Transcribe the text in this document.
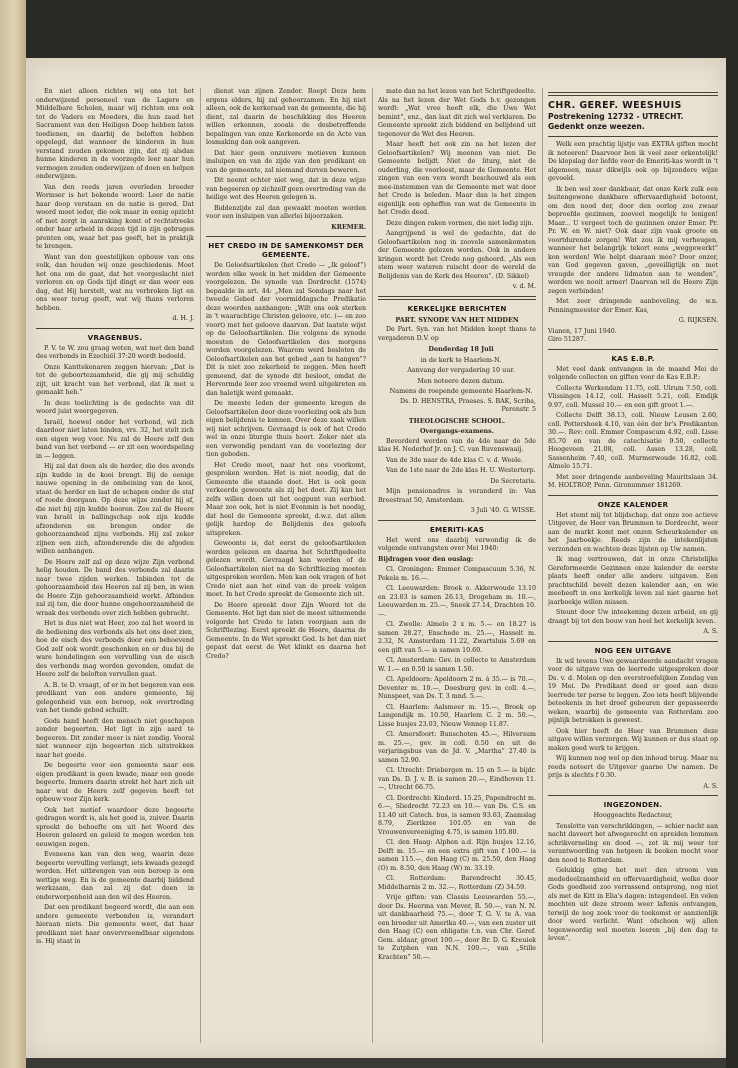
En niet alleen richten wij ons tot het onderwijzend personeel van de Lagere en Middelbare Scholen, maar wij richten ons ook tot de Vaders en Moeders, die hun zaad het Sacrament van den Heiligen Doop hebben laten toedienen, en daarbij de beloften hebben opgelegd, dat wanneer de kinderen in hun verstand zouden gekomen zijn, dat zij alsdan hunne kinderen in de voorzegde leer naar hun vermogen zouden onderwijzen of doen en helpen onderwijzen.

Van den reeds jaren overleden broeder Wormser is het bekende woord: Leer de natie haar doop verstaan en de natie is gered. Dat woord moet ieder, die ook maar in eenig opzicht of met zorgt in aanraking komt of rechtstreeks onder haar arbeid in dezen tijd in zijn gebrugen prenten om, waar het pas geeft, het in praktijk te brengen.

Want van den geestelijken opbouw van ons volk, dan houden wij onze geschiedenis. Moet het ons om de gaat, dat het voorgeslacht niet verloren en op Gods tijd dingt er dan weer een dag, dat Hij herstelt, wat nu verbroken ligt en ons weer terug geeft, wat wij thans verloren hebben.

d. H. J.

VRAGENBUS.

P. V. te W. zou graag weten, wat met den band des verbonds in Ezechiël 37:20 wordt bedoeld.

Onze Kanttekenaren zeggen hiervan: „Dat is tot de geboortezaamheid, die gij mij schuldig zijt, uit kracht van het verbond, dat ik met u gemaakt heb.”

In deze toelichting is de gedachte van dit woord juist weergegeven.

Israël, hoewel onder het verbond, wil zich daardoor niet laten binden, vrs. 32, het stelt zich een eigen weg voor. Nu zal de Heere zelf den band van het verbond — er zit een woordspeling in — leggen.

Hij zal dat doen als de herder, die des avonds zijn kudde in de kooi brengt. Bij de eenige nauwe opening in de omheining van de kooi, staat de herder en laat de schapen onder de staf of roede doorgaan. Op deze wijze zonder hij af, die niet bij zijn kudde hooren. Zoo zal de Heere van Israël in ballingschap ook zijn kudde afzonderen en brengen onder de gehoorzaamheid zijns verbonds. Hij zal zeker zijnen een zich, afzonderende die de afgoden willen aanhangen.

De Heere zelf zal op deze wijze Zijn verbond helig houden. De band des verbonds zal daarin naar twee zijden werken. Inbinden tot de gehoorzaamheid des Heeren zal zij ben, in wien de Heere Zijn gehoorzaamheid werkt. Afbinden zal zij ten, die door hunne ongehoorzaamheid de wraak des verbonds over zich hebben gebracht.

Het is dus niet wat Heer, zoo zal het woord in de bediening des verbonds als het ons doet zien, hoe de eisch des verbonds door een behoevend God zelf ook wordt geschonken en er dus bij de ware hondelingen een vervulling van de eisch des verbonds mag worden gevonden, omdat de Heere zelf de beloften vervullen gaat.

A. B. te D. vraagt, of er in het begeren van een predikant van een andere gemeente, bij gelegenheid van een beroep, ook overtreding van het tiende gebod schuilt.

Gods hand heeft den mensch niet geschapen zonder begeerten. Het ligt in zijn aard te begeeren. Dit zonder meer is niet zondig. Vooral niet wanneer zijn begeerten zich uitstrekken naar het goede.

De begeerte voor een gemeente naar een eigen predikant is geen kwade, maar een goede begeerte. Immers daarin strekt het hart zich uit naar wat de Heere zelf gegeven heeft tot opbouw voor Zijn kerk.

Ook het motief waardoor deze begeerte gedragen wordt is, als het goed is, zuiver. Daarin spreekt de behoefte om uit het Woord des Heeren geleerd en geleid te mogen worden ten eeuwigen zegen.

Eveneens kan van den weg, waarin deze begeerte vervulling verlangt, iets kwaads gezegd worden. Het uitbrengen van een beroep is een wettige weg. En is de gemeente daarbij biddend werkzaam, dan zal zij dat doen in onderworpenheid aan den wil des Heeren.

Dat een predikant begeerd wordt, die aan een andere gemeente verbonden is, verandert hieraan niets. Die gemeente weet, dat haar predikant niet haar onvervreemdbaar eigendom is. Hij staat in

dienst van zijnen Zender. Roept Deze hem ergens elders, hij zal gehoorzamen. En hij niet alleen, ook de kerkeraad van de gemeente, die hij dient, zal daarin de beschikking des Heeren willen erkennen, zooals de desbetreffende bepalingen van onze Kerkenorde en de Acte van losmaking dan ook aangeven.

Dat hier geen onzuivere motieven kunnen insluipen en van de zijde van den predikant en van de gemeente, zal niemand durven beweren.

Dit neemt echter niet weg, dat in deze wijze van begeeren op zichzelf geen overtreding van de heilige wet des Heeren gelegen is.

Biddenzijde zal dan gewaakt moeten worden voor een insluipen van allerlei bijoorzaken.

KREMER.

HET CREDO IN DE SAMENKOMST DER GEMEENTE.

De Geloofsartikelen (het Credo — „Ik geloof”) worden elke week in het midden der Gemeente voorgelezen. De synode van Dordrecht (1574) bepaalde in art. 44: „Men zal Sondags naar het tweede Gebed der voormiddagsche Predikatie deze woorden aanhangen: „Wilt ons ook sterken in 't waarachtige Christen geloove, etc. (— en zoo voort) met het geloove daarvan. Dat laatste wijst op de Geloofsartikelen. Die volgens de synode moesten de Geloofsartikelen des morgens worden voorgelezen. Waarom werd besloten de Geloofsartikelen aan het gebed „aan te hangen”? Dit is niet zoo zekerheid te zeggen. Men heeft gemeend, dat de synode dit besloot, omdat de Hervormde leer zoo vreemd werd uitgekreten en dan haletijk werd gemaakt.

De meeste leden der gemeente kregen de Geloofsartikelen door deze voorlezing ook als hun eigen belijdenis te kennen. Over deze zaak willen wij niet schrijven. Gevraagd is ook of het Credo wel in onze liturgie thuis hoort. Zeker niet als een verwondig pendant van de voorlezing der tien geboden.

Het Credo moet, naar het ons voorkomt, gesproken worden. Het is niet noodig, dat de Gemeente die staande doet. Het is ook geen verkeerde gewoonte als zij het doet. Zij kan het zelfs willen doen uit het oogpunt van eerbied. Maar zoo ook, het is niet Evenmin is het noodig, dat heel de Gemeente spreekt, d.w.z. dat allen gelijk hardop de Belijdenis des geloofs uitspreken.

Gewoonte is, dat eerst de geloofsartikelen worden gelezen en daarna het Schriftgedeelte gelezen wordt. Gevraagd kan worden of de Geloofsartikelen niet na de Schriftlezing moeten uitgesproken worden. Men kan ook vragen of het Credo niet aan het eind van de preek volgen moet. In het Credo spreekt de Gemeente zich uit.

De Heere spreekt door Zijn Woord tot de Gemeente. Het ligt dan niet de meest uitnemende volgorde het Credo te laten voorgaan aan de Schriftlezing. Eerst spreekt de Heere, daarna de Gemeente. In de Wet spreekt God. Is het dan niet gepast dat eerst de Wet klinkt en daarna het Credo?

mate dan na het lezen van het Schriftgedeelte. Als na het lezen der Wet Gods b.v. gezongen wordt: „Wat vree heeft elk, die Uwe Wet bemint”, enz., dan laat dit zich wel verklaren. De Gemeente spreekt zich biddend en belijdend uit tegenover de Wet des Heeren.

Maar heeft het ook zin na het lezen der Geloofsartikelen? Wij meenen van niet. De Gemeente belijdt. Niet de liturg, niet de ouderling, die voorleest, maar de Gemeente. Het zingen van een vers wordt beschouwd als een mee-instemmen van de Gemeente met wat door het Credo is beleden. Maar dan is het zingen eigenlijk een opheffen van wat de Gemeente in het Credo deed.

Deze dingen raken vormen, die niet ledig zijn.

Aangrijpend is wel de gedachte, dat de Geloofsartikelen nog in zoovele samenkomsten der Gemeente gelezen worden. Ook in andere kringen wordt het Credo nog gehoord. „Als een stem weer wateren ruischt door de wereld de Belijdenis van de Kerk des Heeren”. (D. Sikkel)

v. d. M.

KERKELIJKE BERICHTEN
PART. SYNODE VAN HET MIDDEN

De Part. Syn. van het Midden koopt thans te vergaderen D.V. op

Donderdag 18 Juli

in de kerk te Haarlem-N.

Aanvang der vergadering 10 uur.

Men noteere dezen datum.

Namens de roepende gemeente Haarlem-N.

Ds. D. HENSTRA, Praeses. S. BAK, Scriba, Perenstr. 5

THEOLOGISCHE SCHOOL.
Overgangs-examens.

Bevorderd werden van de 4de naar de 5de klas H. Nederhof Jr. en J. C. van Ruvenswaaij.

Van de 3de naar de 4de klas C. v. d. Weele.

Van de 1ste naar de 2de klas H. U. Westerterp.

De Secretaris.

Mijn pensionadres is veranderd in: Van Breestraat 50, Amsterdam.

3 Juli '40. G. WISSE.

EMERITI-KAS

Het werd ons daarbij verwondig ik de volgende ontvangsten over Mei 1940:

Bijdragen voor den ouslag:

Cl. Groningen: Emmer Compascuum 5.36, N. Pekela m. 16.—.

Cl. Leeuwarden: Broek o. Akkerwoude 13.10 en 23.03 is samen 26.13, Drogeham m. 10.—, Leeuwarden m. 25.—, Sneek 27.14, Drachten 10.—.

Cl. Zwolle: Almelo 2 x m. 5.— en 18.27 is samen 28.27, Enschede m. 25.—, Hasselt m. 2.32, N. Amsterdam 11.22, Zwartsluis 5.69 en een gift van 5.— is samen 10.69.

Cl. Amsterdam: Gev. in collecte te Amsterdam W. 1.— en 0.50 is samen 1.50.

Cl. Apeldoorn: Apeldoorn 2 m. à 35.— is 70.—, Deventer m. 10.—, Doesburg gev. in coll. 4.—, Nunspeet, van Ds. T. 3 mnd. 5.—.

Cl. Haarlem: Aalsmeer m. 15.—, Broek op Langendijk m. 10.50, Haarlem C. 2 m. 50.—, Lisse busjes 23.03, Nieuw Vennep 11.87.

Cl. Amersfoort: Bunschoten 45.—, Hilversum m. 25.—, gev. in coll. 0.50 en uit de verjaringsbus van de Jd. V. „Martha” 27.40 is samen 52.90.

Cl. Utrecht: Driebergen m. 15 en 5.— is bijdr. van Ds. D. J. v. B. is samen 20.—, Eindhoven 11.—, Utrecht 66.75.

Cl. Dordrecht: Kinderd. 15.25, Papendrecht m. 6.—, Sliedrecht 72.23 en 10.— van Ds. C.S. en 11.40 uit Catech. bus, is samen 93.63, Zaamslag 8.79, Zierikzee 101.05 en van de Vrouwenvereeniging 4.75, is samen 105.80.

Cl. den Haag: Alphen a.d. Rijn busjes 12.16, Delft m. 15.— en een extra gift van f 100.— is samen 115.—, den Haag (C) m. 25.50, den Haag (O) m. 8.50, den Haag (W) m. 33.19.

Cl. Rotterdam: Barendrecht 30.45, Middelharnis 2 m. 32.—, Rotterdam (Z) 34.59.

Vrije giften: van Classis Leeuwarden 55.—, door Ds. Heerma van Mever, R. 50.—, van N. N. uit dankbaarheid 75.—, door T. G. V. te A. van een broeder uit Amerika 40.—, van een zuster uit den Haag (C) een obligatie t.n. van Chr. Geref. Gem. aldaar, groot 100.—, door Br. D. G. Kreuiek te Zutphen van N.N. 100.—, van „Stille Krachten” 50.—.

CHR. GEREF. WEESHUIS
Postrekening 12732 - UTRECHT. Gedenkt onze weezen.

Welk een prachtig lijstje van EXTRA giften mocht ik noteeren! Daarvoor ben ik veel zeer erkentelijk! De klopslag der liefde voor de Emeriti-kas wordt in 't algemeen, maar dikwijls ook op bijzondere wijze gevoeld.

Ik ben wel zeer dankbaar, dat onze Kerk zulk een buitengewone dankbare offervaardigheid betoont, om den nood der, door den oorlog zoo zwaar beproefde gezinnen, zooveel mogelijk te lenigen! Maar... U vergeet toch de gezinnen onzer Emer. Pr. Pr. W. en W. niet? Ook daar zijn vaak groote en voortdurende zorgen! Wat zou ik mij verheugen, wanneer het belangrijk tekort eens „weggewerkt” kon worden! Wie helpt daaraan mee? Door onzer, van God gegeven gaven, „geveilligtijk en met vreugde der andere lidmaten aan te wenden”, worden we nooit armer! Daarvan wil de Heere Zijn zegen verbinden!

Met zeer dringende aanbeveling, de w.n. Penningmeester der Emer. Kas,

G. RIJKSEN.

Vianen, 17 Juni 1940.
Giro 51287.

KAS E.B.P.

Met veel dank ontvangen in de maand Mei de volgende collecten en giften voor de Kas E.B.P.:

Collecte Werkendam 11.75, coll. Ulrum 7.50, coll. Vlissingen 14.12, coll. Hasselt 5.21, coll. Emdijk 9.97, coll. Mussel 10.— en een gift groot 1.—.

Collecte Delft 38.13, coll. Nieuw Leusen 2.60, coll. Pottershoek 4.10, van één der br's Predikanten 30.—. Rev: coll. Emmer Compascum 4.92, coll. Lisse 85.70 en van de catechisatie 9.50, collecte Hoogeveen 21.08, coll. Assen 13.28, coll. Sassenheim 7.40, coll. Murmerwoude 16.82, coll. Almelo 15.71.

Met zeer dringende aanbeveling Mauritslaan 34. M. HOLTROP, Penn. Gironummer 181269.

ONZE KALENDER

Het stemt mij tot blijdschap, dat onze zoo actieve Uitgever, de Heer van Brummen te Dordrecht, weer aan de markt komt met onzen Scheurkalender en het Jaarboekje. Reeds zijn de intekenlijsten verzonden en wachten deze lijsten op Uw namen.

Ik mag vertrouwen, dat in onze Christelijke Gereformeerde Gezinnen onze kalender de eerste plaats heeft onder alle andere uitgaven. Een prachtschild bevelt dezen kalender aan, en wie meeheeft in ons kerkelijk leven zal niet gaarne het jaarboekje willen missen.

Steunt door Uw inteekening dezen arbeid, en gij draagt bij tot den bouw van heel het kerkelijk leven.

A. S.

NOG EEN UITGAVE

Ik wil tevens Uwe gewaardeerde aandacht vragen voor de uitgave van de leerrede uitgesproken door Ds. v. d. Molen op den overstroefelijken Zondag van 19 Mei. De Predikant deed er goed aan deze leerrede ter perse te leggen. Zoo iets heeft blijvende beteekenis in het droef gebeuren der gepasseerde weken, waarbij de gemeente van Rotterdam zoo pijnlijk betrokken is geweest.

Ook hier heeft de Heer van Brummen deze uitgave willen verzorgen. Wij kunnen er dus staat op maken goed werk te krijgen.

Wij kunnen nog wel op den inhoud terug. Maar nu reeds noteert de Uitgever gaarne Uw namen. De prijs is slechts f 0.30.

A. S.

INGEZONDEN.

Hooggeachte Redacteur,

Tenslotte van verschrikkingen, — schier nacht aan nacht daveert het afwegerecht en spreiden bommen schrikverneling en dood —, zet ik mij weer ter verantwoording van hetgeen ik beoken mocht voor den nood te Rotterdam.

Gelukkig ging het met den stroom van mededeelzaamheid en offervaardigheid, welke door Gods goedheid zoo verrassend ontsprong, nog niet als met de Kitt in Elia's dagen: integendeel. En velen mochten uit deze stroom weer lafenis ontvangen, terwijl de nog zoek voor de toekomst er aanzienlijk door werd verlicht. Want ofschoon wij allen tegenwoordig wel moeten leeren „bij den dag te leven”,
